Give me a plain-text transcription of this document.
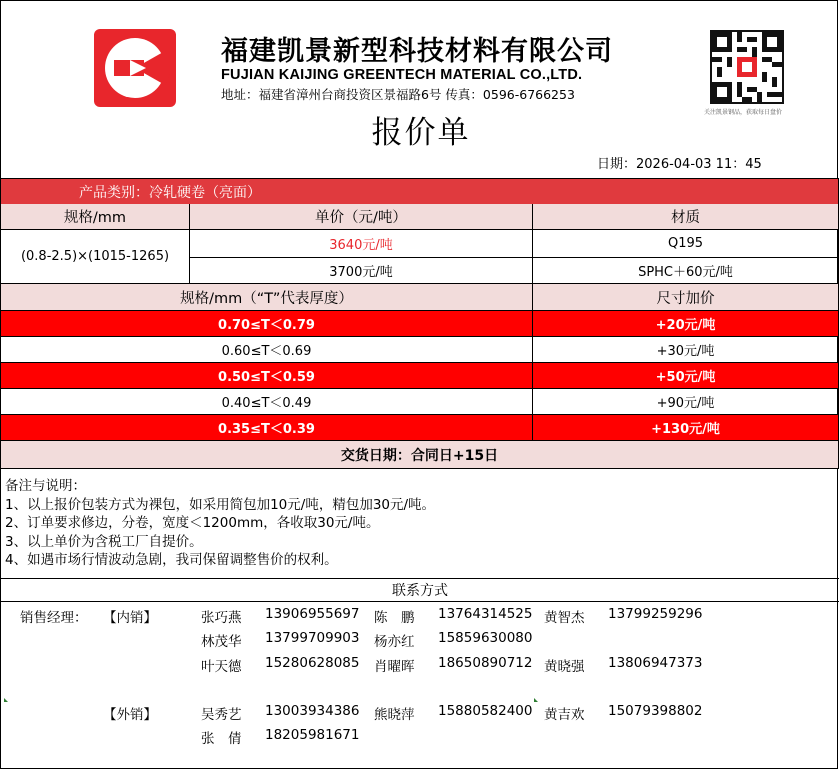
福建凯景新型科技材料有限公司
FUJIAN KAIJING GREENTECH MATERIAL CO.,LTD.
地址：福建省漳州台商投资区景福路6号 传真：0596-6766253
关注凯景钢品，获取每日盘价
报价单
日期：2026-04-03 11：45
产品类别：冷轧硬卷（亮面）
规格/mm	单价（元/吨）	材质
(0.8-2.5)×(1015-1265)
3640元/吨	Q195
3700元/吨	SPHC＋60元/吨
规格/mm（“T”代表厚度）	尺寸加价
0.70≤T＜0.79	+20元/吨
0.60≤T＜0.69	+30元/吨
0.50≤T＜0.59	+50元/吨
0.40≤T＜0.49	+90元/吨
0.35≤T＜0.39	+130元/吨
交货日期：合同日+15日
备注与说明：
1、以上报价包装方式为裸包，如采用简包加10元/吨，精包加30元/吨。
2、订单要求修边，分卷，宽度＜1200mm，各收取30元/吨。
3、以上单价为含税工厂自提价。
4、如遇市场行情波动急剧，我司保留调整售价的权利。
联系方式
销售经理： 【内销】	张巧燕 13906955697 陈　鹏 13764314525 黄智杰 13799259296
林茂华 13799709903 杨亦红 15859630080
叶天德 15280628085 肖曜晖 18650890712 黄晓强 13806947373
【外销】	吴秀艺 13003934386 熊晓萍 15880582400 黄吉欢 15079398802
张　倩 18205981671
